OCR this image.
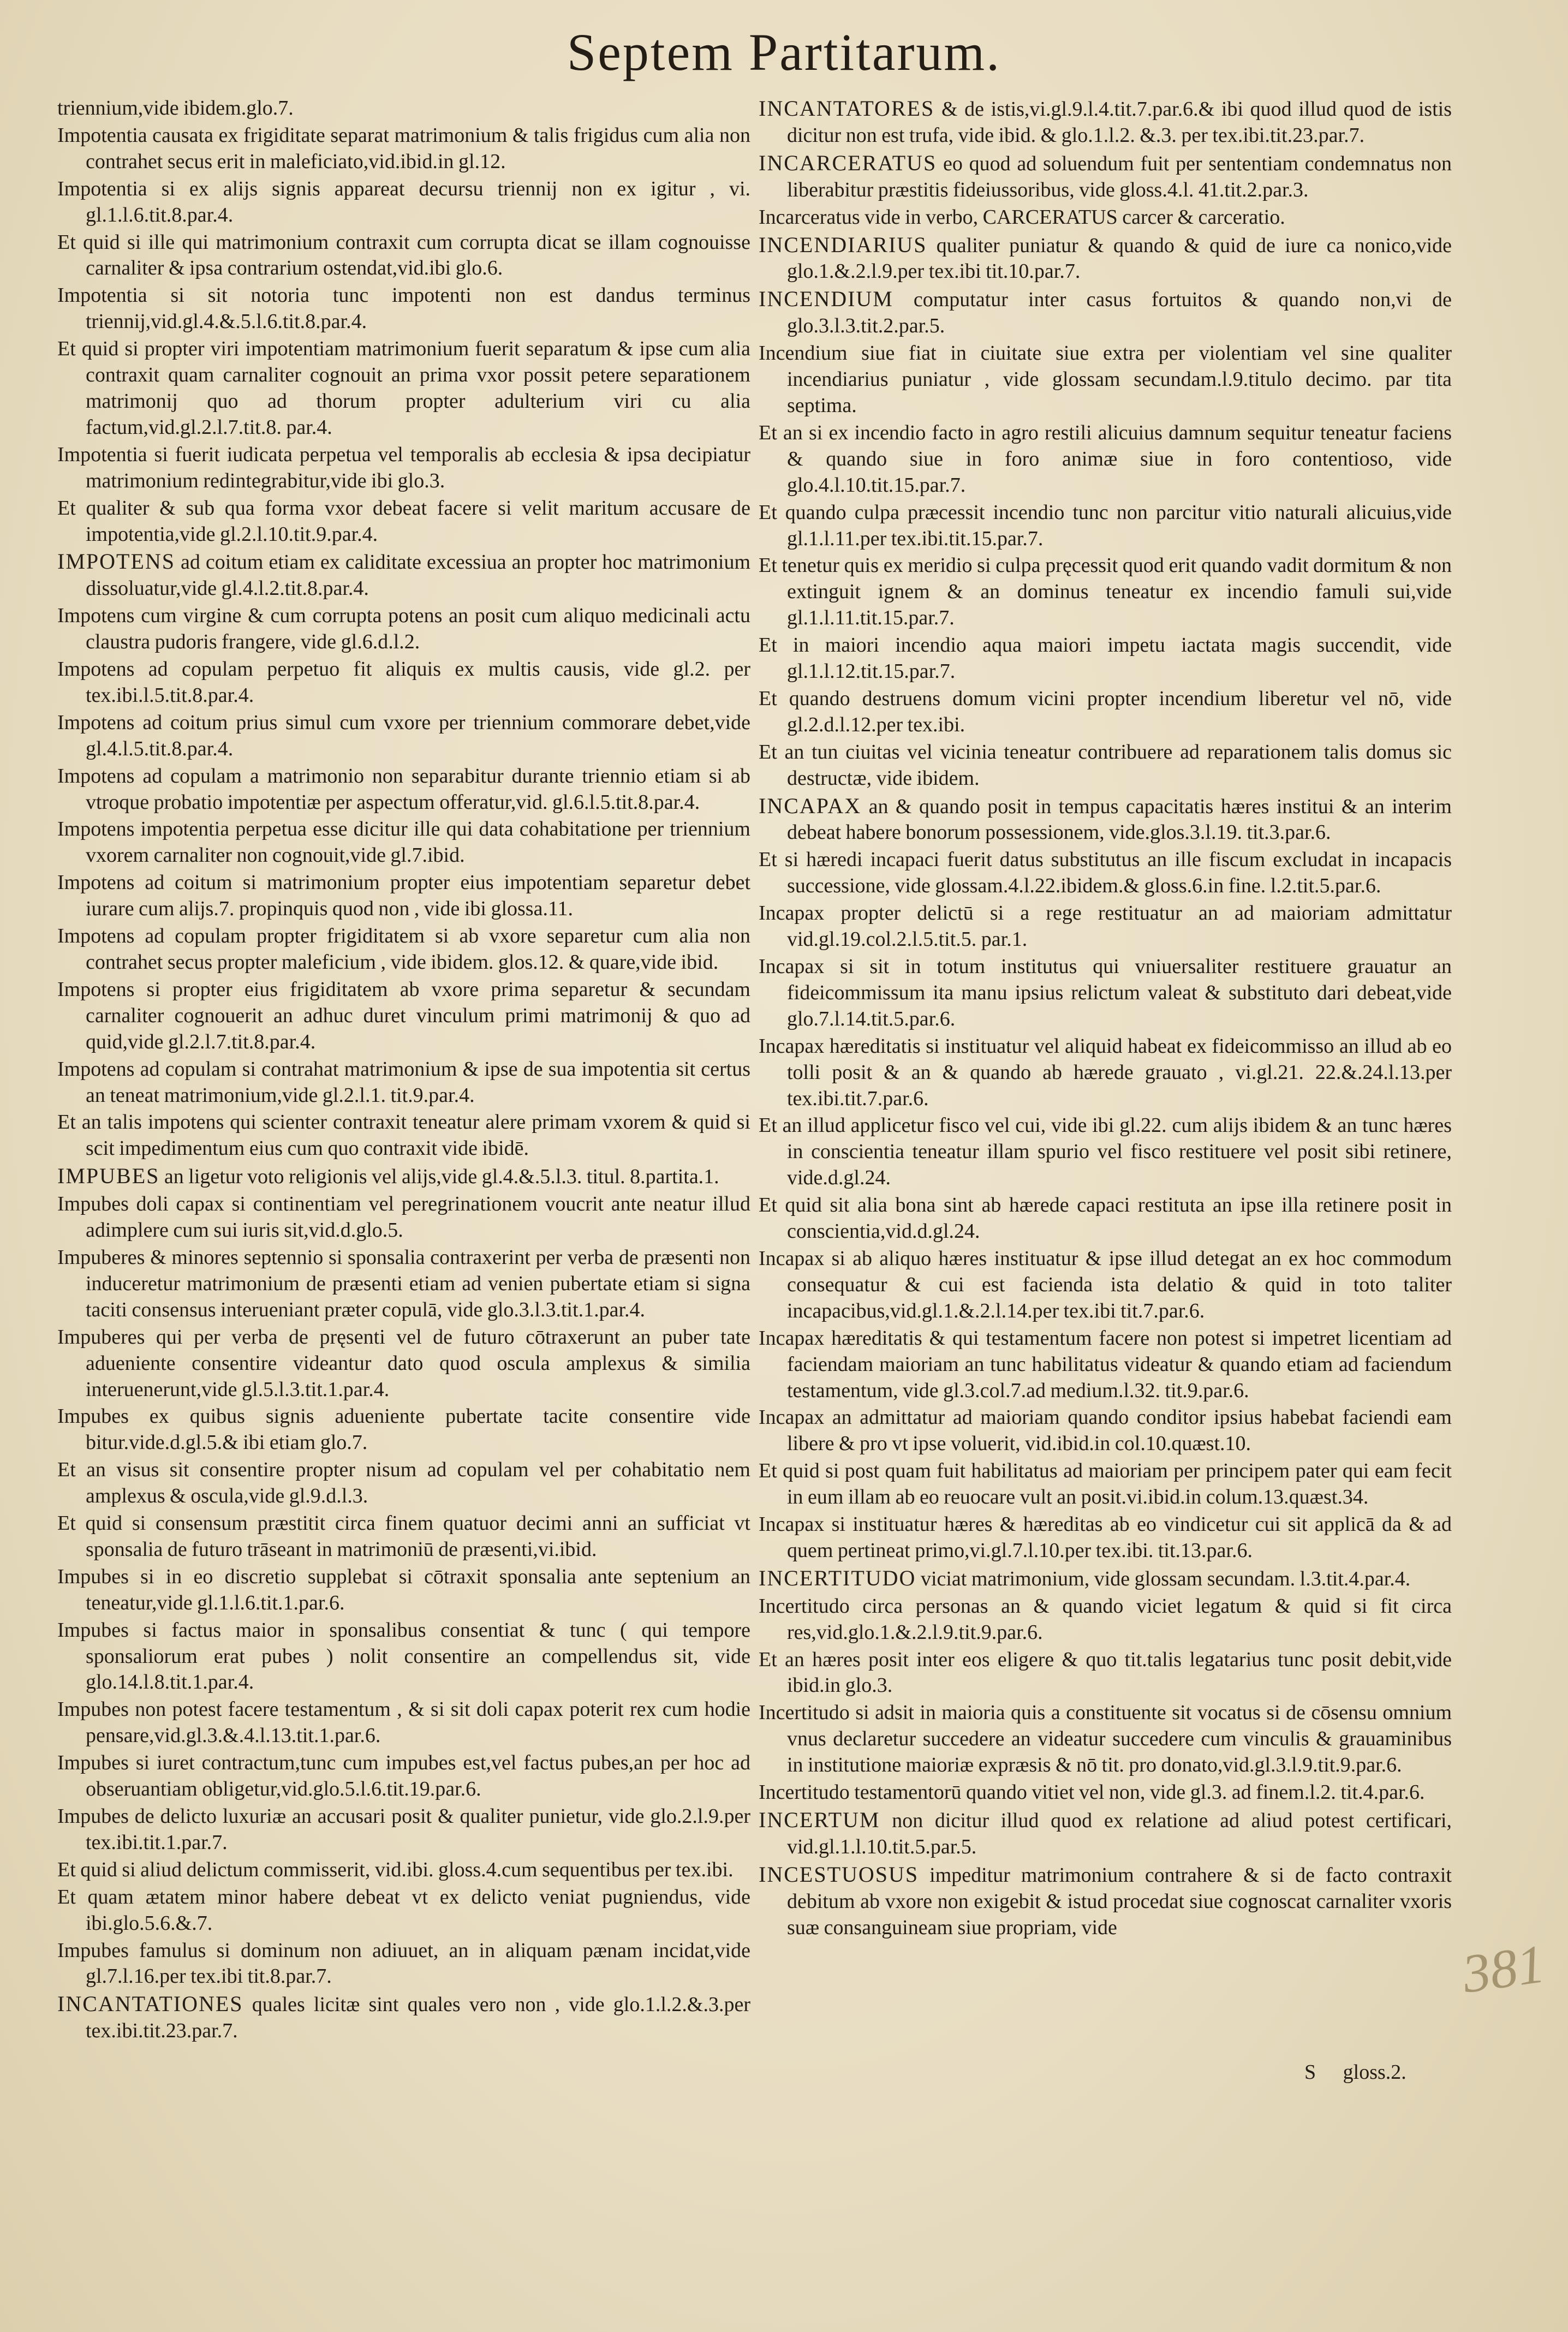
Septem Partitarum.

triennium,vide ibidem.glo.7.

Impotentia causata ex frigiditate separat matrimonium & talis frigidus cum alia non contrahet secus erit in maleficiato,vid.ibid.in gl.12.

Impotentia si ex alijs signis appareat decursu triennij non ex igitur , vi. gl.1.l.6.tit.8.par.4.

Et quid si ille qui matrimonium contraxit cum corrupta dicat se illam cognouisse carnaliter & ipsa contrarium ostendat,vid.ibi glo.6.

Impotentia si sit notoria tunc impotenti non est dandus terminus triennij,vid.gl.4.&.5.l.6.tit.8.par.4.

Et quid si propter viri impotentiam matrimonium fuerit separatum & ipse cum alia contraxit quam carnaliter cognouit an prima vxor possit petere separationem matrimonij quo ad thorum propter adulterium viri cu alia factum,vid.gl.2.l.7.tit.8. par.4.

Impotentia si fuerit iudicata perpetua vel temporalis ab ecclesia & ipsa decipiatur matrimonium redintegrabitur,vide ibi glo.3.

Et qualiter & sub qua forma vxor debeat facere si velit maritum accusare de impotentia,vide gl.2.l.10.tit.9.par.4.

IMPOTENS ad coitum etiam ex caliditate excessiua an propter hoc matrimonium dissoluatur,vide gl.4.l.2.tit.8.par.4.

Impotens cum virgine & cum corrupta potens an posit cum aliquo medicinali actu claustra pudoris frangere, vide gl.6.d.l.2.

Impotens ad copulam perpetuo fit aliquis ex multis causis, vide gl.2. per tex.ibi.l.5.tit.8.par.4.

Impotens ad coitum prius simul cum vxore per triennium commorare debet,vide gl.4.l.5.tit.8.par.4.

Impotens ad copulam a matrimonio non separabitur durante triennio etiam si ab vtroque probatio impotentiæ per aspectum offeratur,vid. gl.6.l.5.tit.8.par.4.

Impotens impotentia perpetua esse dicitur ille qui data cohabitatione per triennium vxorem carnaliter non cognouit,vide gl.7.ibid.

Impotens ad coitum si matrimonium propter eius impotentiam separetur debet iurare cum alijs.7. propinquis quod non , vide ibi glossa.11.

Impotens ad copulam propter frigiditatem si ab vxore separetur cum alia non contrahet secus propter maleficium , vide ibidem. glos.12. & quare,vide ibid.

Impotens si propter eius frigiditatem ab vxore prima separetur & secundam carnaliter cognouerit an adhuc duret vinculum primi matrimonij & quo ad quid,vide gl.2.l.7.tit.8.par.4.

Impotens ad copulam si contrahat matrimonium & ipse de sua impotentia sit certus an teneat matrimonium,vide gl.2.l.1. tit.9.par.4.

Et an talis impotens qui scienter contraxit teneatur alere primam vxorem & quid si scit impedimentum eius cum quo contraxit vide ibidē.

IMPUBES an ligetur voto religionis vel alijs,vide gl.4.&.5.l.3. titul. 8.partita.1.

Impubes doli capax si continentiam vel peregrinationem voucrit ante neatur illud adimplere cum sui iuris sit,vid.d.glo.5.

Impuberes & minores septennio si sponsalia contraxerint per verba de præsenti non induceretur matrimonium de præsenti etiam ad venien pubertate etiam si signa taciti consensus interueniant præter copulā, vide glo.3.l.3.tit.1.par.4.

Impuberes qui per verba de pręsenti vel de futuro cōtraxerunt an puber tate adueniente consentire videantur dato quod oscula amplexus & similia interuenerunt,vide gl.5.l.3.tit.1.par.4.

Impubes ex quibus signis adueniente pubertate tacite consentire vide bitur.vide.d.gl.5.& ibi etiam glo.7.

Et an visus sit consentire propter nisum ad copulam vel per cohabitatio nem amplexus & oscula,vide gl.9.d.l.3.

Et quid si consensum præstitit circa finem quatuor decimi anni an sufficiat vt sponsalia de futuro trāseant in matrimoniū de præsenti,vi.ibid.

Impubes si in eo discretio supplebat si cōtraxit sponsalia ante septenium an teneatur,vide gl.1.l.6.tit.1.par.6.

Impubes si factus maior in sponsalibus consentiat & tunc ( qui tempore sponsaliorum erat pubes ) nolit consentire an compellendus sit, vide glo.14.l.8.tit.1.par.4.

Impubes non potest facere testamentum , & si sit doli capax poterit rex cum hodie pensare,vid.gl.3.&.4.l.13.tit.1.par.6.

Impubes si iuret contractum,tunc cum impubes est,vel factus pubes,an per hoc ad obseruantiam obligetur,vid.glo.5.l.6.tit.19.par.6.

Impubes de delicto luxuriæ an accusari posit & qualiter punietur, vide glo.2.l.9.per tex.ibi.tit.1.par.7.

Et quid si aliud delictum commisserit, vid.ibi. gloss.4.cum sequentibus per tex.ibi.

Et quam ætatem minor habere debeat vt ex delicto veniat pugniendus, vide ibi.glo.5.6.&.7.

Impubes famulus si dominum non adiuuet, an in aliquam pænam incidat,vide gl.7.l.16.per tex.ibi tit.8.par.7.

INCANTATIONES quales licitæ sint quales vero non , vide glo.1.l.2.&.3.per tex.ibi.tit.23.par.7.

INCANTATORES & de istis,vi.gl.9.l.4.tit.7.par.6.& ibi quod illud quod de istis dicitur non est trufa, vide ibid. & glo.1.l.2. &.3. per tex.ibi.tit.23.par.7.

INCARCERATUS eo quod ad soluendum fuit per sententiam condemnatus non liberabitur præstitis fideiussoribus, vide gloss.4.l. 41.tit.2.par.3.

Incarceratus vide in verbo, CARCERATUS carcer & carceratio.

INCENDIARIUS qualiter puniatur & quando & quid de iure ca nonico,vide glo.1.&.2.l.9.per tex.ibi tit.10.par.7.

INCENDIUM computatur inter casus fortuitos & quando non,vi de glo.3.l.3.tit.2.par.5.

Incendium siue fiat in ciuitate siue extra per violentiam vel sine qualiter incendiarius puniatur , vide glossam secundam.l.9.titulo decimo. par tita septima.

Et an si ex incendio facto in agro restili alicuius damnum sequitur teneatur faciens & quando siue in foro animæ siue in foro contentioso, vide glo.4.l.10.tit.15.par.7.

Et quando culpa præcessit incendio tunc non parcitur vitio naturali alicuius,vide gl.1.l.11.per tex.ibi.tit.15.par.7.

Et tenetur quis ex meridio si culpa pręcessit quod erit quando vadit dormitum & non extinguit ignem & an dominus teneatur ex incendio famuli sui,vide gl.1.l.11.tit.15.par.7.

Et in maiori incendio aqua maiori impetu iactata magis succendit, vide gl.1.l.12.tit.15.par.7.

Et quando destruens domum vicini propter incendium liberetur vel nō, vide gl.2.d.l.12.per tex.ibi.

Et an tun ciuitas vel vicinia teneatur contribuere ad reparationem talis domus sic destructæ, vide ibidem.

INCAPAX an & quando posit in tempus capacitatis hæres institui & an interim debeat habere bonorum possessionem, vide.glos.3.l.19. tit.3.par.6.

Et si hæredi incapaci fuerit datus substitutus an ille fiscum excludat in incapacis successione, vide glossam.4.l.22.ibidem.& gloss.6.in fine. l.2.tit.5.par.6.

Incapax propter delictū si a rege restituatur an ad maioriam admittatur vid.gl.19.col.2.l.5.tit.5. par.1.

Incapax si sit in totum institutus qui vniuersaliter restituere grauatur an fideicommissum ita manu ipsius relictum valeat & substituto dari debeat,vide glo.7.l.14.tit.5.par.6.

Incapax hæreditatis si instituatur vel aliquid habeat ex fideicommisso an illud ab eo tolli posit & an & quando ab hærede grauato , vi.gl.21. 22.&.24.l.13.per tex.ibi.tit.7.par.6.

Et an illud applicetur fisco vel cui, vide ibi gl.22. cum alijs ibidem & an tunc hæres in conscientia teneatur illam spurio vel fisco restituere vel posit sibi retinere, vide.d.gl.24.

Et quid sit alia bona sint ab hærede capaci restituta an ipse illa retinere posit in conscientia,vid.d.gl.24.

Incapax si ab aliquo hæres instituatur & ipse illud detegat an ex hoc commodum consequatur & cui est facienda ista delatio & quid in toto taliter incapacibus,vid.gl.1.&.2.l.14.per tex.ibi tit.7.par.6.

Incapax hæreditatis & qui testamentum facere non potest si impetret licentiam ad faciendam maioriam an tunc habilitatus videatur & quando etiam ad faciendum testamentum, vide gl.3.col.7.ad medium.l.32. tit.9.par.6.

Incapax an admittatur ad maioriam quando conditor ipsius habebat faciendi eam libere & pro vt ipse voluerit, vid.ibid.in col.10.quæst.10.

Et quid si post quam fuit habilitatus ad maioriam per principem pater qui eam fecit in eum illam ab eo reuocare vult an posit.vi.ibid.in colum.13.quæst.34.

Incapax si instituatur hæres & hæreditas ab eo vindicetur cui sit applicā da & ad quem pertineat primo,vi.gl.7.l.10.per tex.ibi. tit.13.par.6.

INCERTITUDO viciat matrimonium, vide glossam secundam. l.3.tit.4.par.4.

Incertitudo circa personas an & quando viciet legatum & quid si fit circa res,vid.glo.1.&.2.l.9.tit.9.par.6.

Et an hæres posit inter eos eligere & quo tit.talis legatarius tunc posit debit,vide ibid.in glo.3.

Incertitudo si adsit in maioria quis a constituente sit vocatus si de cōsensu omnium vnus declaretur succedere an videatur succedere cum vinculis & grauaminibus in institutione maioriæ expræsis & nō tit. pro donato,vid.gl.3.l.9.tit.9.par.6.

Incertitudo testamentorū quando vitiet vel non, vide gl.3. ad finem.l.2. tit.4.par.6.

INCERTUM non dicitur illud quod ex relatione ad aliud potest certificari, vid.gl.1.l.10.tit.5.par.5.

INCESTUOSUS impeditur matrimonium contrahere & si de facto contraxit debitum ab vxore non exigebit & istud procedat siue cognoscat carnaliter vxoris suæ consanguineam siue propriam, vide

S gloss.2.
381
